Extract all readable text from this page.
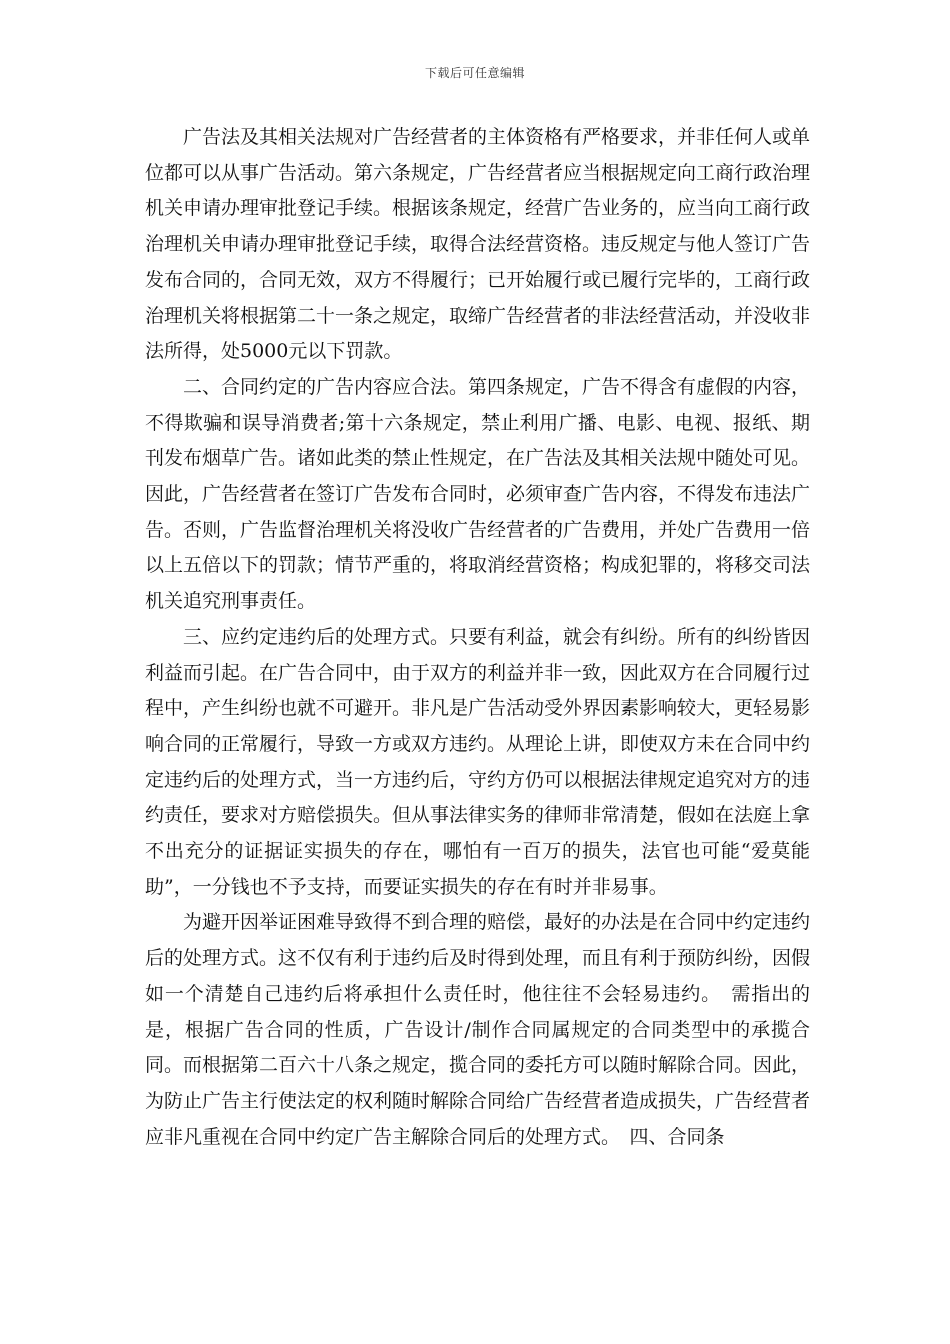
下载后可任意编辑

广告法及其相关法规对广告经营者的主体资格有严格要求，并非任何人或单位都可以从事广告活动。第六条规定，广告经营者应当根据规定向工商行政治理机关申请办理审批登记手续。根据该条规定，经营广告业务的，应当向工商行政治理机关申请办理审批登记手续，取得合法经营资格。违反规定与他人签订广告发布合同的，合同无效，双方不得履行；已开始履行或已履行完毕的，工商行政治理机关将根据第二十一条之规定，取缔广告经营者的非法经营活动，并没收非法所得，处5000元以下罚款。

二、合同约定的广告内容应合法。第四条规定，广告不得含有虚假的内容，不得欺骗和误导消费者;第十六条规定，禁止利用广播、电影、电视、报纸、期刊发布烟草广告。诸如此类的禁止性规定，在广告法及其相关法规中随处可见。因此，广告经营者在签订广告发布合同时，必须审查广告内容，不得发布违法广告。否则，广告监督治理机关将没收广告经营者的广告费用，并处广告费用一倍以上五倍以下的罚款；情节严重的，将取消经营资格；构成犯罪的，将移交司法机关追究刑事责任。

三、应约定违约后的处理方式。只要有利益，就会有纠纷。所有的纠纷皆因利益而引起。在广告合同中，由于双方的利益并非一致，因此双方在合同履行过程中，产生纠纷也就不可避开。非凡是广告活动受外界因素影响较大，更轻易影响合同的正常履行，导致一方或双方违约。从理论上讲，即使双方未在合同中约定违约后的处理方式，当一方违约后，守约方仍可以根据法律规定追究对方的违约责任，要求对方赔偿损失。但从事法律实务的律师非常清楚，假如在法庭上拿不出充分的证据证实损失的存在，哪怕有一百万的损失，法官也可能“爱莫能助”，一分钱也不予支持，而要证实损失的存在有时并非易事。

为避开因举证困难导致得不到合理的赔偿，最好的办法是在合同中约定违约后的处理方式。这不仅有利于违约后及时得到处理，而且有利于预防纠纷，因假如一个清楚自己违约后将承担什么责任时，他往往不会轻易违约。　需指出的是，根据广告合同的性质，广告设计/制作合同属规定的合同类型中的承揽合同。而根据第二百六十八条之规定，揽合同的委托方可以随时解除合同。因此，为防止广告主行使法定的权利随时解除合同给广告经营者造成损失，广告经营者应非凡重视在合同中约定广告主解除合同后的处理方式。　四、合同条
